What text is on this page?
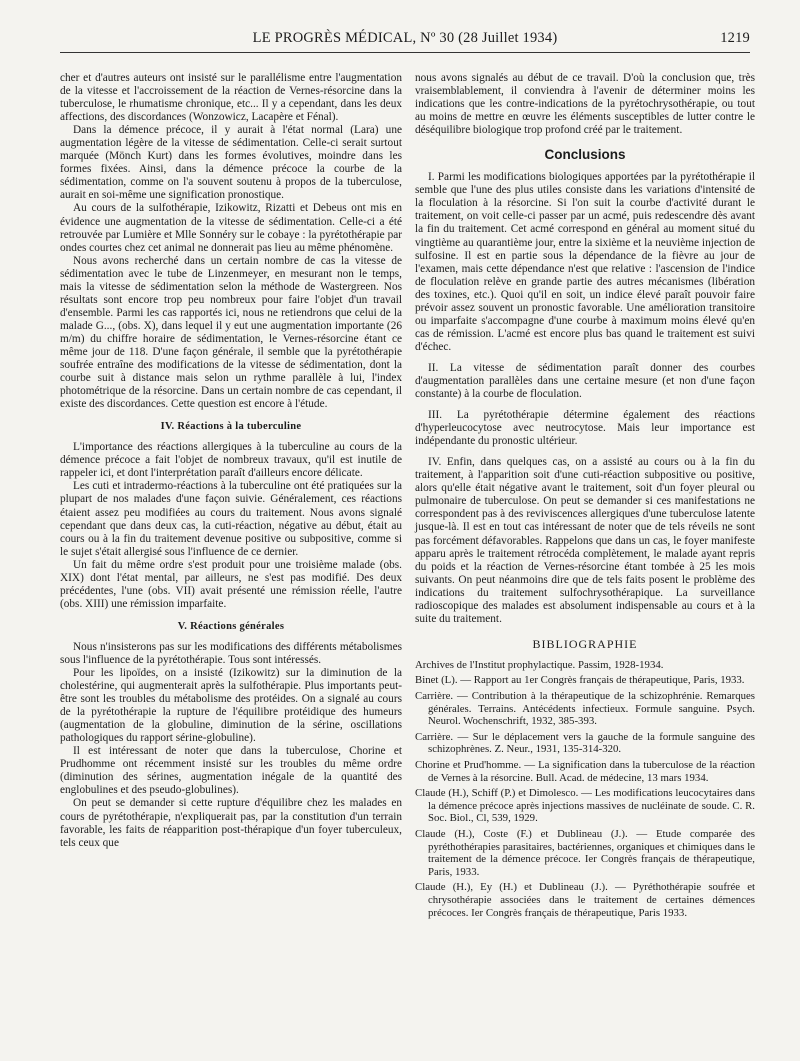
LE PROGRÈS MÉDICAL, Nº 30 (28 Juillet 1934)	1219

cher et d'autres auteurs ont insisté sur le parallélisme entre l'augmentation de la vitesse et l'accroissement de la réaction de Vernes-résorcine dans la tuberculose, le rhumatisme chronique, etc... Il y a cependant, dans les deux affections, des discordances (Wonzowicz, Lacapère et Fénal).

Dans la démence précoce, il y aurait à l'état normal (Lara) une augmentation légère de la vitesse de sédimentation. Celle-ci serait surtout marquée (Mönch Kurt) dans les formes évolutives, moindre dans les formes fixées. Ainsi, dans la démence précoce la courbe de la sédimentation, comme on l'a souvent soutenu à propos de la tuberculose, aurait en soi-même une signification pronostique.

Au cours de la sulfothérapie, Izikowitz, Rizatti et Debeus ont mis en évidence une augmentation de la vitesse de sédimentation. Celle-ci a été retrouvée par Lumière et Mlle Sonnéry sur le cobaye : la pyrétothérapie par ondes courtes chez cet animal ne donnerait pas lieu au même phénomène.

Nous avons recherché dans un certain nombre de cas la vitesse de sédimentation avec le tube de Linzenmeyer, en mesurant non le temps, mais la vitesse de sédimentation selon la méthode de Wastergreen. Nos résultats sont encore trop peu nombreux pour faire l'objet d'un travail d'ensemble. Parmi les cas rapportés ici, nous ne retiendrons que celui de la malade G..., (obs. X), dans lequel il y eut une augmentation importante (26 m/m) du chiffre horaire de sédimentation, le Vernes-résorcine étant ce même jour de 118. D'une façon générale, il semble que la pyrétothérapie soufrée entraîne des modifications de la vitesse de sédimentation, dont la courbe suit à distance mais selon un rythme parallèle à lui, l'index photométrique de la résorcine. Dans un certain nombre de cas cependant, il existe des discordances. Cette question est encore à l'étude.

IV. Réactions à la tuberculine

L'importance des réactions allergiques à la tuberculine au cours de la démence précoce a fait l'objet de nombreux travaux, qu'il est inutile de rappeler ici, et dont l'interprétation paraît d'ailleurs encore délicate.

Les cuti et intradermo-réactions à la tuberculine ont été pratiquées sur la plupart de nos malades d'une façon suivie. Généralement, ces réactions étaient assez peu modifiées au cours du traitement. Nous avons signalé cependant que dans deux cas, la cuti-réaction, négative au début, était au cours ou à la fin du traitement devenue positive ou subpositive, comme si le sujet s'était allergisé sous l'influence de ce dernier.

Un fait du même ordre s'est produit pour une troisième malade (obs. XIX) dont l'état mental, par ailleurs, ne s'est pas modifié. Des deux précédentes, l'une (obs. VII) avait présenté une rémission réelle, l'autre (obs. XIII) une rémission imparfaite.

V. Réactions générales

Nous n'insisterons pas sur les modifications des différents métabolismes sous l'influence de la pyrétothérapie. Tous sont intéressés.

Pour les lipoïdes, on a insisté (Izikowitz) sur la diminution de la cholestérine, qui augmenterait après la sulfothérapie. Plus importants peut-être sont les troubles du métabolisme des protéides. On a signalé au cours de la pyrétothérapie la rupture de l'équilibre protéidique des humeurs (augmentation de la globuline, diminution de la sérine, oscillations pathologiques du rapport sérine-globuline).

Il est intéressant de noter que dans la tuberculose, Chorine et Prudhomme ont récemment insisté sur les troubles du même ordre (diminution des sérines, augmentation inégale de la quantité des englobulines et des pseudo-globulines).

On peut se demander si cette rupture d'équilibre chez les malades en cours de pyrétothérapie, n'expliquerait pas, par la constitution d'un terrain favorable, les faits de réapparition post-thérapique d'un foyer tuberculeux, tels ceux que

nous avons signalés au début de ce travail. D'où la conclusion que, très vraisemblablement, il conviendra à l'avenir de déterminer moins les indications que les contre-indications de la pyrétochrysothérapie, ou tout au moins de mettre en œuvre les éléments susceptibles de lutter contre le déséquilibre biologique trop profond créé par le traitement.

Conclusions

I. Parmi les modifications biologiques apportées par la pyrétothérapie il semble que l'une des plus utiles consiste dans les variations d'intensité de la floculation à la résorcine. Si l'on suit la courbe d'activité durant le traitement, on voit celle-ci passer par un acmé, puis redescendre dès avant la fin du traitement. Cet acmé correspond en général au moment situé du vingtième au quarantième jour, entre la sixième et la neuvième injection de sulfosine. Il est en partie sous la dépendance de la fièvre au jour de l'examen, mais cette dépendance n'est que relative : l'ascension de l'indice de floculation relève en grande partie des autres mécanismes (libération des toxines, etc.). Quoi qu'il en soit, un indice élevé paraît pouvoir faire prévoir assez souvent un pronostic favorable. Une amélioration transitoire ou imparfaite s'accompagne d'une courbe à maximum moins élevé qu'en cas de rémission. L'acmé est encore plus bas quand le traitement est suivi d'échec.

II. La vitesse de sédimentation paraît donner des courbes d'augmentation parallèles dans une certaine mesure (et non d'une façon constante) à la courbe de floculation.

III. La pyrétothérapie détermine également des réactions d'hyperleucocytose avec neutrocytose. Mais leur importance est indépendante du pronostic ultérieur.

IV. Enfin, dans quelques cas, on a assisté au cours ou à la fin du traitement, à l'apparition soit d'une cuti-réaction subpositive ou positive, alors qu'elle était négative avant le traitement, soit d'un foyer pleural ou pulmonaire de tuberculose. On peut se demander si ces manifestations ne correspondent pas à des reviviscences allergiques d'une tuberculose latente jusque-là. Il est en tout cas intéressant de noter que de tels réveils ne sont pas forcément défavorables. Rappelons que dans un cas, le foyer manifeste apparu après le traitement rétrocéda complètement, le malade ayant repris du poids et la réaction de Vernes-résorcine étant tombée à 25 les mois suivants. On peut néanmoins dire que de tels faits posent le problème des indications du traitement sulfochrysothérapique. La surveillance radioscopique des malades est absolument indispensable au cours et à la suite du traitement.

BIBLIOGRAPHIE

Archives de l'Institut prophylactique. Passim, 1928-1934.

Binet (L). — Rapport au 1er Congrès français de thérapeutique, Paris, 1933.

Carrière. — Contribution à la thérapeutique de la schizophrénie. Remarques générales. Terrains. Antécédents infectieux. Formule sanguine. Psych. Neurol. Wochenschrift, 1932, 385-393.

Carrière. — Sur le déplacement vers la gauche de la formule sanguine des schizophrènes. Z. Neur., 1931, 135-314-320.

Chorine et Prud'homme. — La signification dans la tuberculose de la réaction de Vernes à la résorcine. Bull. Acad. de médecine, 13 mars 1934.

Claude (H.), Schiff (P.) et Dimolesco. — Les modifications leucocytaires dans la démence précoce après injections massives de nucléinate de soude. C. R. Soc. Biol., Cl, 539, 1929.

Claude (H.), Coste (F.) et Dublineau (J.). — Etude comparée des pyréthothérapies parasitaires, bactériennes, organiques et chimiques dans le traitement de la démence précoce. Ier Congrès français de thérapeutique, Paris, 1933.

Claude (H.), Ey (H.) et Dublineau (J.). — Pyréthothérapie soufrée et chrysothérapie associées dans le traitement de certaines démences précoces. Ier Congrès français de thérapeutique, Paris 1933.
